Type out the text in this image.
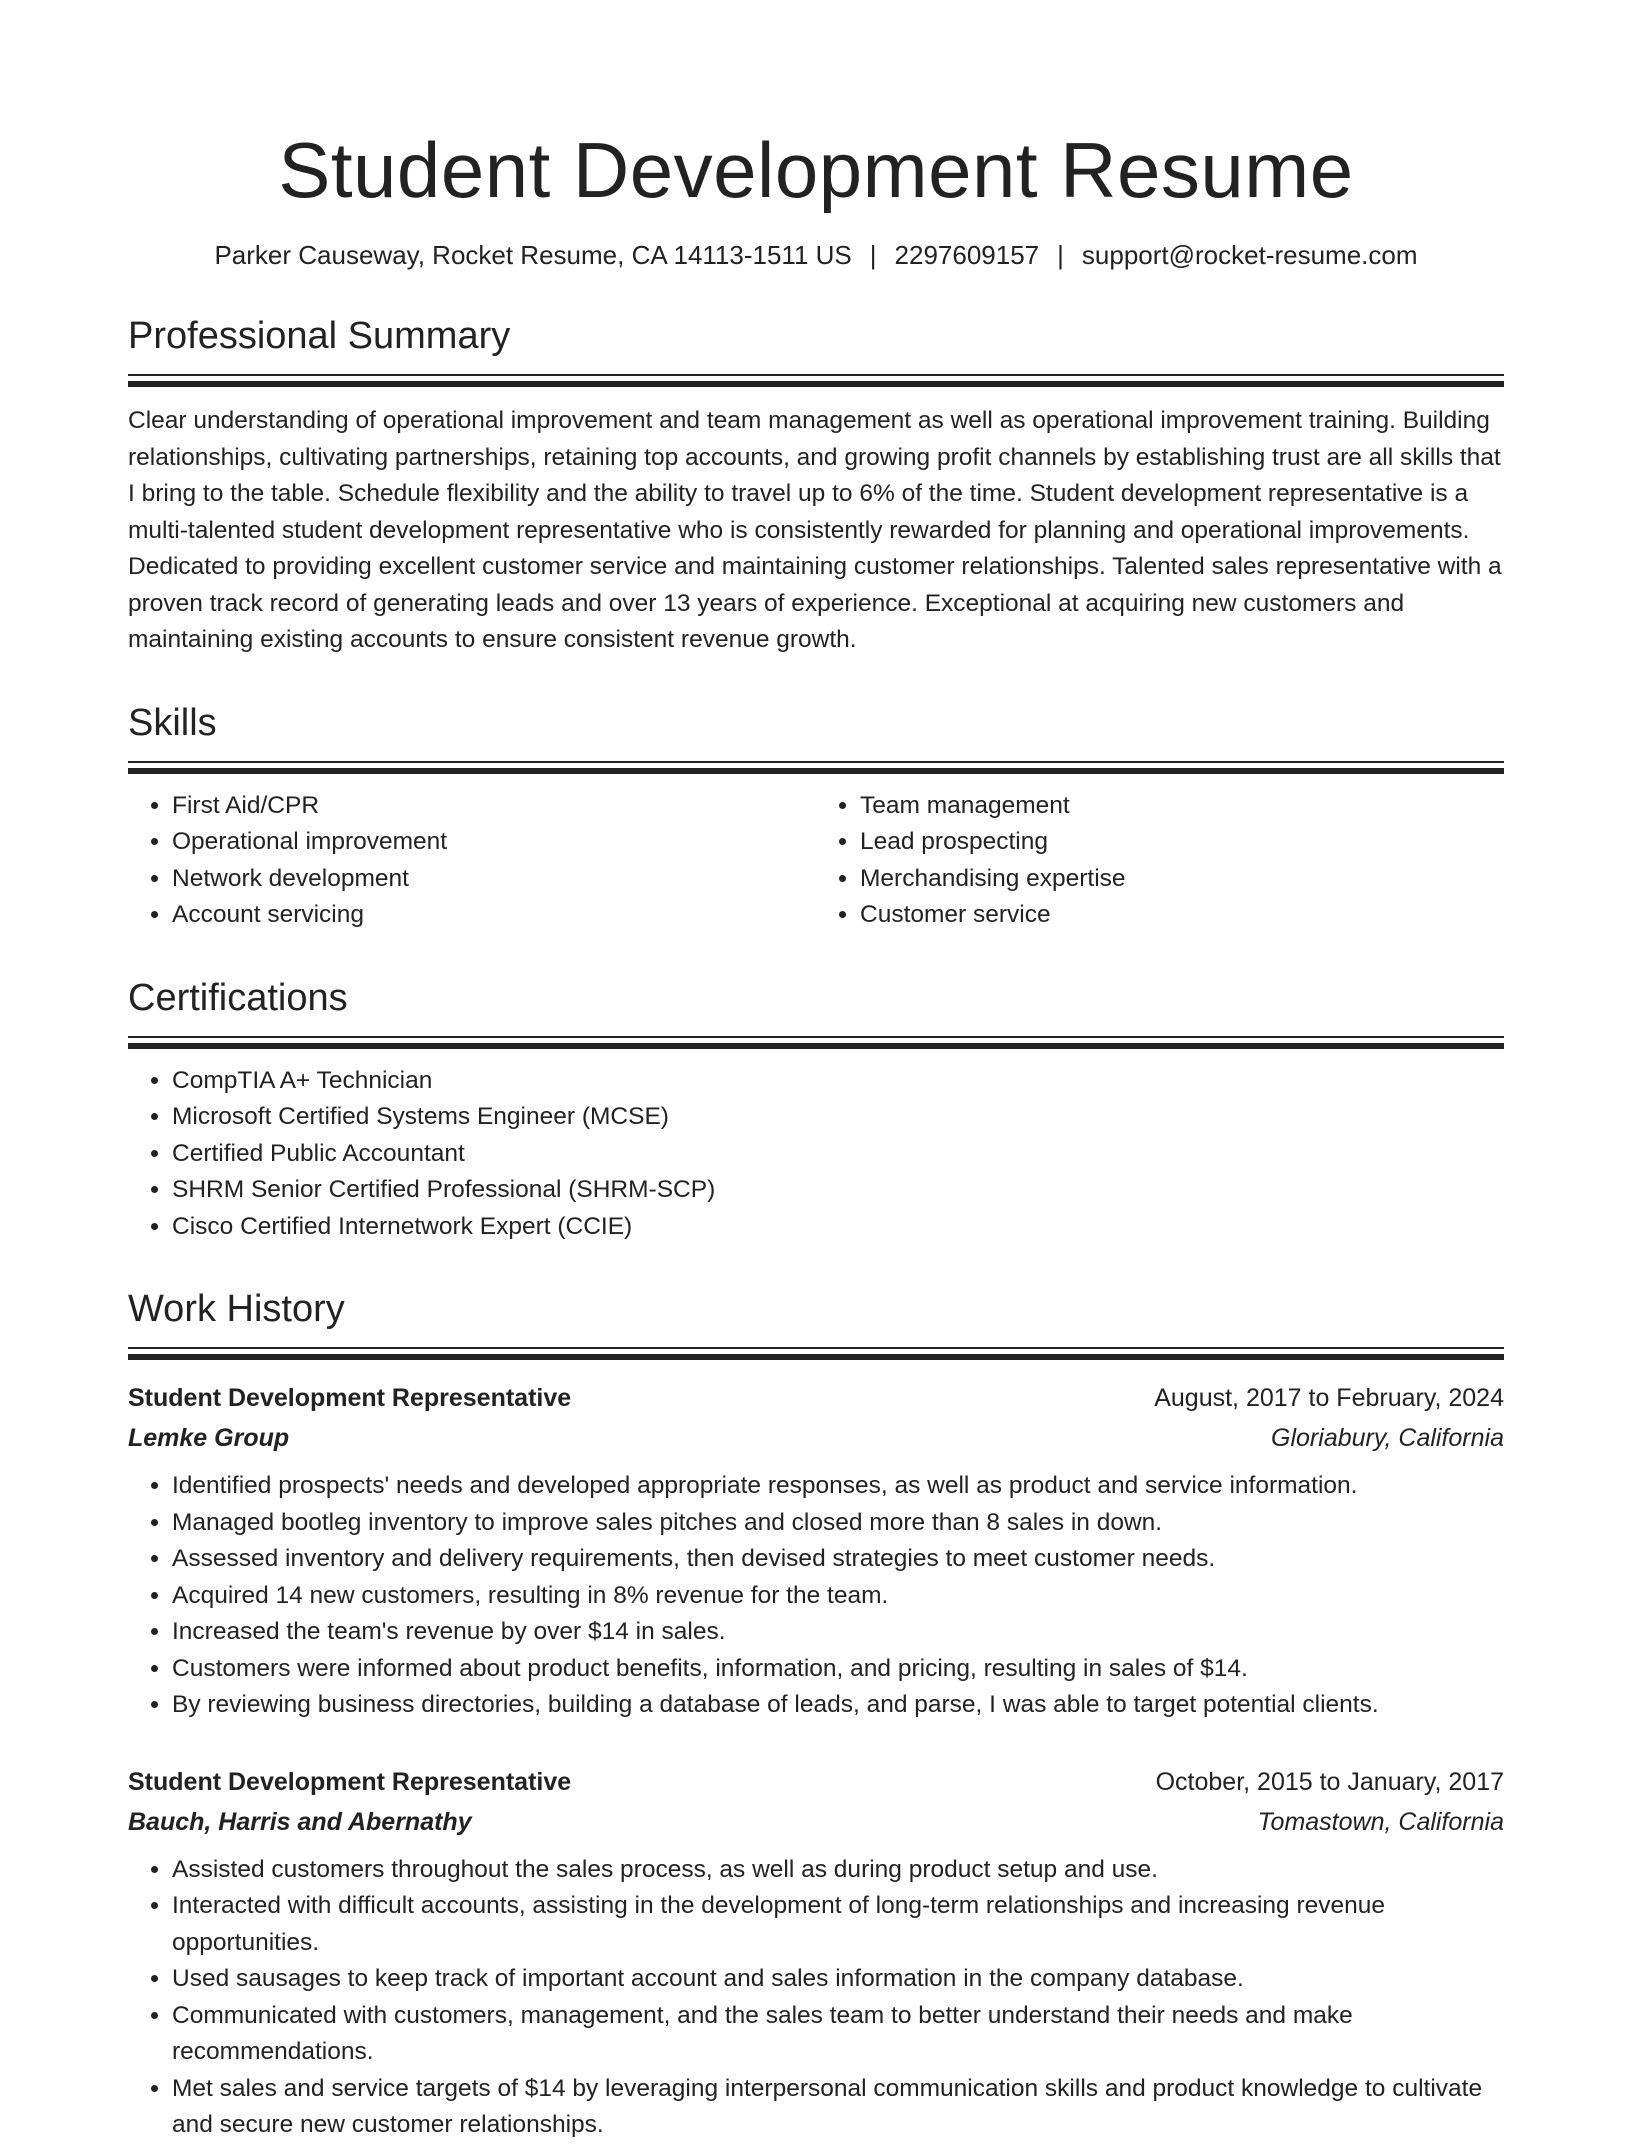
Student Development Resume
Parker Causeway, Rocket Resume, CA 14113-1511 US | 2297609157 | support@rocket-resume.com
Professional Summary

Clear understanding of operational improvement and team management as well as operational improvement training. Building relationships, cultivating partnerships, retaining top accounts, and growing profit channels by establishing trust are all skills that I bring to the table. Schedule flexibility and the ability to travel up to 6% of the time. Student development representative is a multi-talented student development representative who is consistently rewarded for planning and operational improvements. Dedicated to providing excellent customer service and maintaining customer relationships. Talented sales representative with a proven track record of generating leads and over 13 years of experience. Exceptional at acquiring new customers and maintaining existing accounts to ensure consistent revenue growth.

Skills
• First Aid/CPR
• Operational improvement
• Network development
• Account servicing
• Team management
• Lead prospecting
• Merchandising expertise
• Customer service
Certifications
• CompTIA A+ Technician
• Microsoft Certified Systems Engineer (MCSE)
• Certified Public Accountant
• SHRM Senior Certified Professional (SHRM-SCP)
• Cisco Certified Internetwork Expert (CCIE)
Work History
Student Development Representative	August, 2017 to February, 2024
Lemke Group	Gloriabury, California
• Identified prospects' needs and developed appropriate responses, as well as product and service information.
• Managed bootleg inventory to improve sales pitches and closed more than 8 sales in down.
• Assessed inventory and delivery requirements, then devised strategies to meet customer needs.
• Acquired 14 new customers, resulting in 8% revenue for the team.
• Increased the team's revenue by over $14 in sales.
• Customers were informed about product benefits, information, and pricing, resulting in sales of $14.
• By reviewing business directories, building a database of leads, and parse, I was able to target potential clients.
Student Development Representative	October, 2015 to January, 2017
Bauch, Harris and Abernathy	Tomastown, California
• Assisted customers throughout the sales process, as well as during product setup and use.
• Interacted with difficult accounts, assisting in the development of long-term relationships and increasing revenue opportunities.
• Used sausages to keep track of important account and sales information in the company database.
• Communicated with customers, management, and the sales team to better understand their needs and make recommendations.
• Met sales and service targets of $14 by leveraging interpersonal communication skills and product knowledge to cultivate and secure new customer relationships.
